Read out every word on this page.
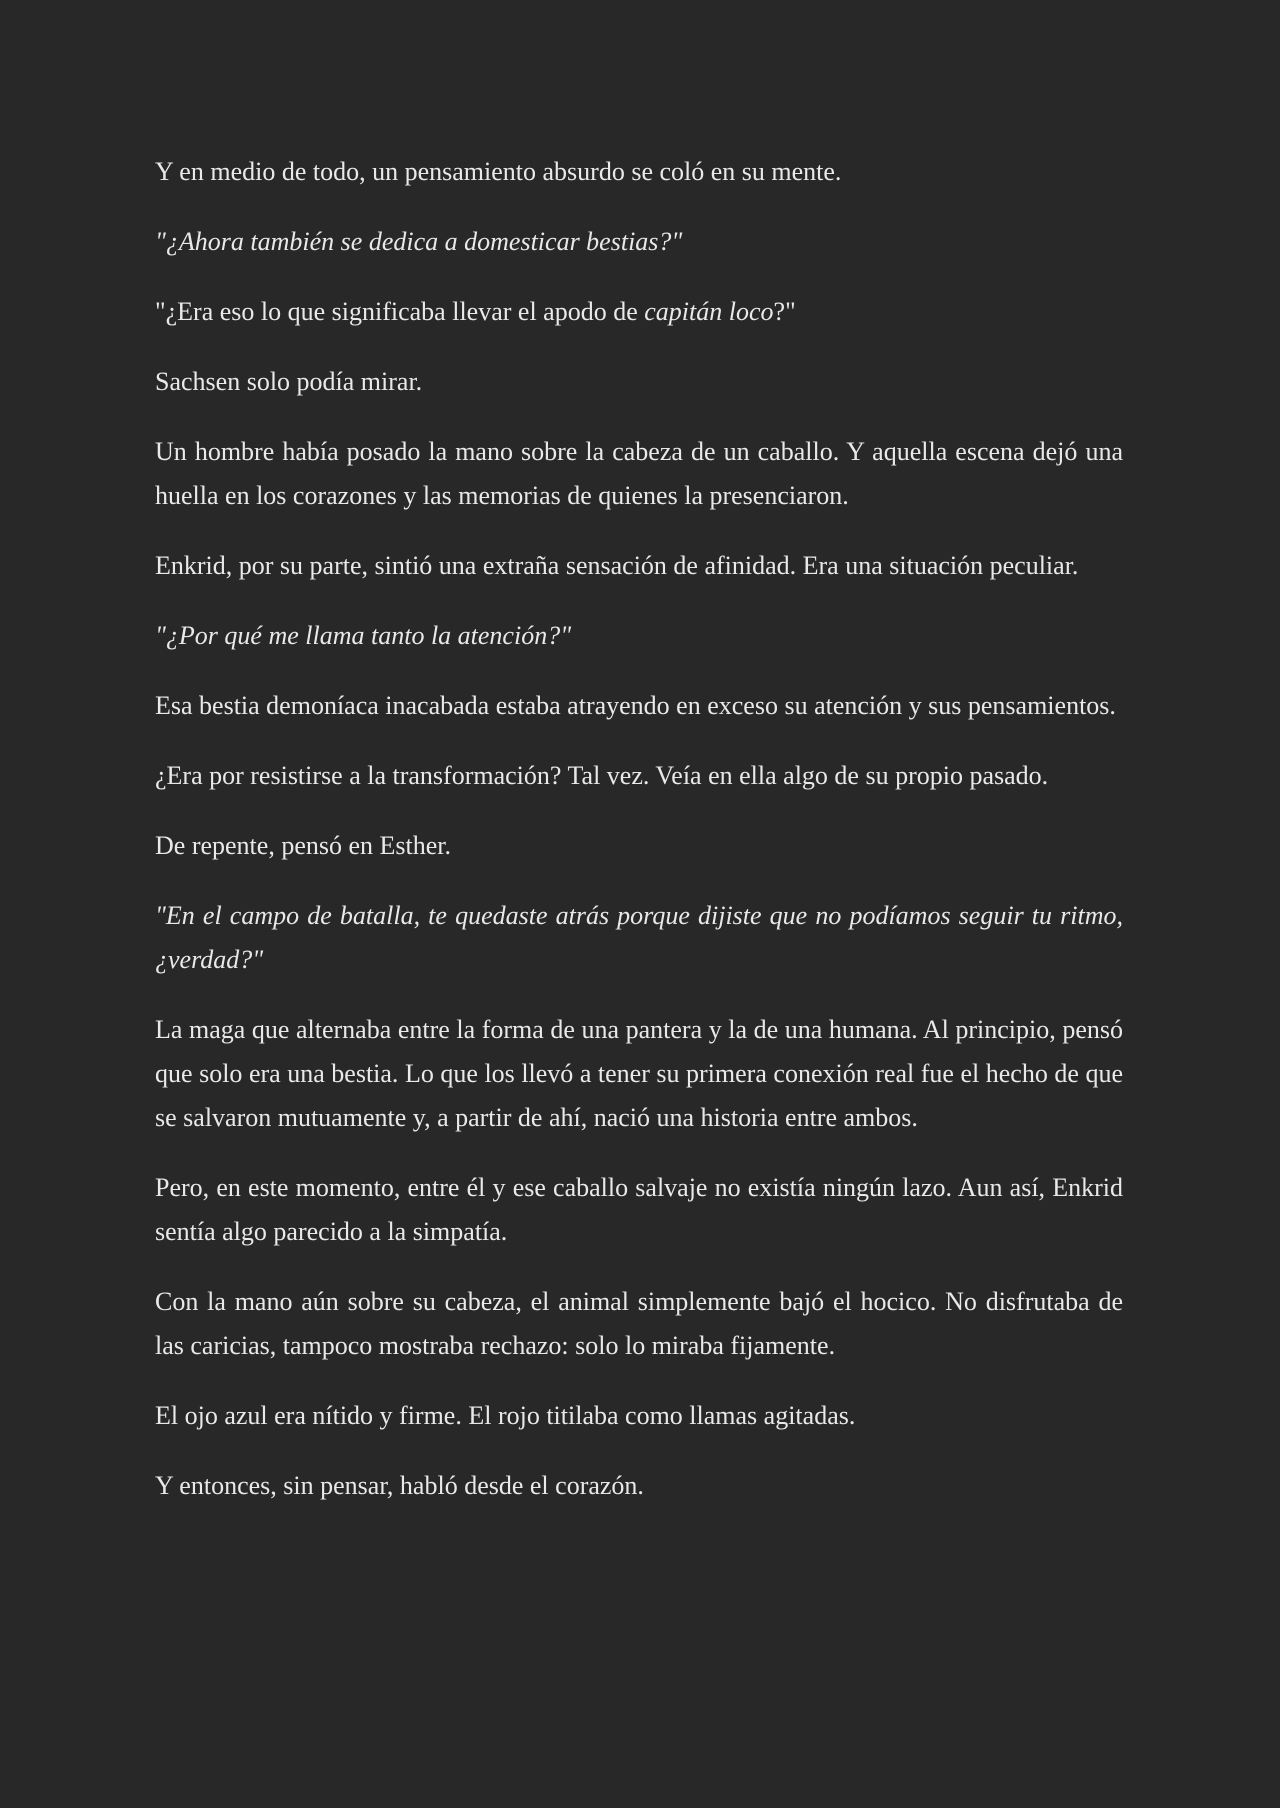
Y en medio de todo, un pensamiento absurdo se coló en su mente.

"¿Ahora también se dedica a domesticar bestias?"

"¿Era eso lo que significaba llevar el apodo de capitán loco?"

Sachsen solo podía mirar.

Un hombre había posado la mano sobre la cabeza de un caballo. Y aquella escena dejó una huella en los corazones y las memorias de quienes la presenciaron.

Enkrid, por su parte, sintió una extraña sensación de afinidad. Era una situación peculiar.

"¿Por qué me llama tanto la atención?"

Esa bestia demoníaca inacabada estaba atrayendo en exceso su atención y sus pensamientos.

¿Era por resistirse a la transformación? Tal vez. Veía en ella algo de su propio pasado.

De repente, pensó en Esther.

"En el campo de batalla, te quedaste atrás porque dijiste que no podíamos seguir tu ritmo, ¿verdad?"

La maga que alternaba entre la forma de una pantera y la de una humana. Al principio, pensó que solo era una bestia. Lo que los llevó a tener su primera conexión real fue el hecho de que se salvaron mutuamente y, a partir de ahí, nació una historia entre ambos.

Pero, en este momento, entre él y ese caballo salvaje no existía ningún lazo. Aun así, Enkrid sentía algo parecido a la simpatía.

Con la mano aún sobre su cabeza, el animal simplemente bajó el hocico. No disfrutaba de las caricias, tampoco mostraba rechazo: solo lo miraba fijamente.

El ojo azul era nítido y firme. El rojo titilaba como llamas agitadas.

Y entonces, sin pensar, habló desde el corazón.
